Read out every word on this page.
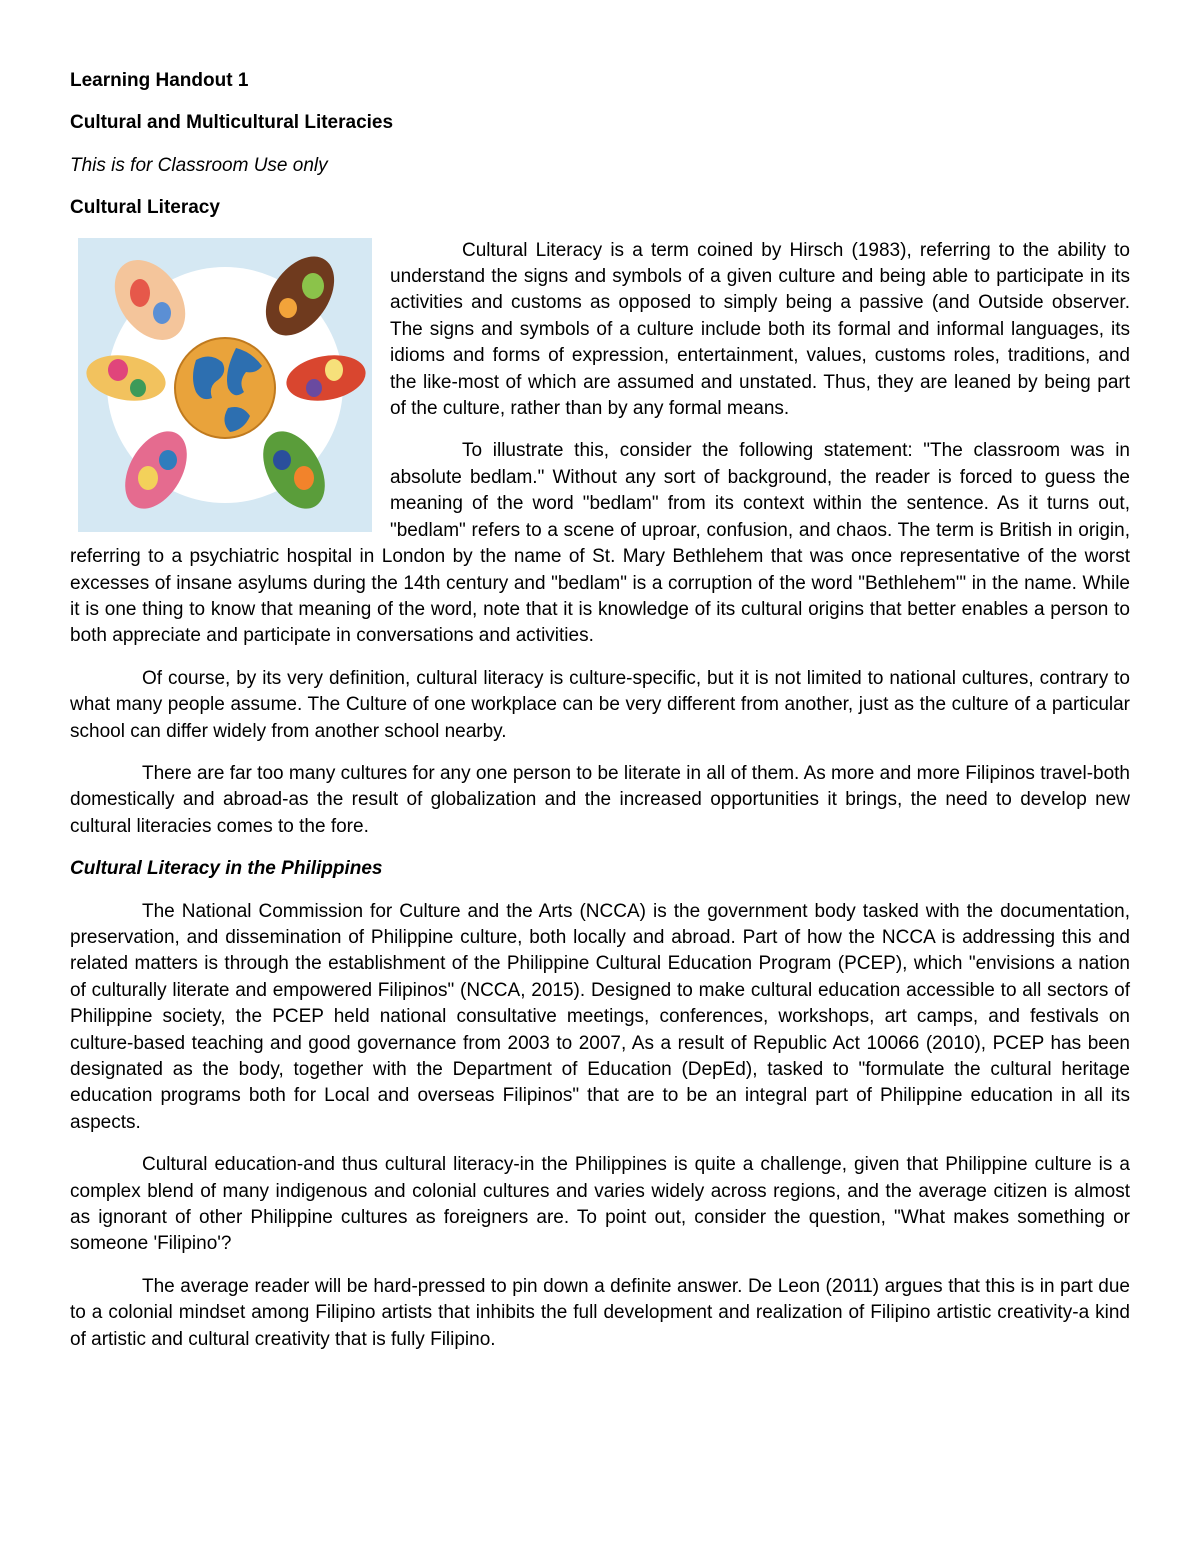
Learning Handout 1

Cultural and Multicultural Literacies

This is for Classroom Use only

Cultural Literacy

Cultural Literacy is a term coined by Hirsch (1983), referring to the ability to understand the signs and symbols of a given culture and being able to participate in its activities and customs as opposed to simply being a passive (and Outside observer. The signs and symbols of a culture include both its formal and informal languages, its idioms and forms of expression, entertainment, values, customs roles, traditions, and the like-most of which are assumed and unstated. Thus, they are leaned by being part of the culture, rather than by any formal means.

To illustrate this, consider the following statement: "The classroom was in absolute bedlam." Without any sort of background, the reader is forced to guess the meaning of the word "bedlam" from its context within the sentence. As it turns out, "bedlam" refers to a scene of uproar, confusion, and chaos. The term is British in origin, referring to a psychiatric hospital in London by the name of St. Mary Bethlehem that was once representative of the worst excesses of insane asylums during the 14th century and "bedlam" is a corruption of the word "Bethlehem'" in the name. While it is one thing to know that meaning of the word, note that it is knowledge of its cultural origins that better enables a person to both appreciate and participate in conversations and activities.

Of course, by its very definition, cultural literacy is culture-specific, but it is not limited to national cultures, contrary to what many people assume. The Culture of one workplace can be very different from another, just as the culture of a particular school can differ widely from another school nearby.

There are far too many cultures for any one person to be literate in all of them. As more and more Filipinos travel-both domestically and abroad-as the result of globalization and the increased opportunities it brings, the need to develop new cultural literacies comes to the fore.

Cultural Literacy in the Philippines

The National Commission for Culture and the Arts (NCCA) is the government body tasked with the documentation, preservation, and dissemination of Philippine culture, both locally and abroad. Part of how the NCCA is addressing this and related matters is through the establishment of the Philippine Cultural Education Program (PCEP), which "envisions a nation of culturally literate and empowered Filipinos" (NCCA, 2015). Designed to make cultural education accessible to all sectors of Philippine society, the PCEP held national consultative meetings, conferences, workshops, art camps, and festivals on culture-based teaching and good governance from 2003 to 2007, As a result of Republic Act 10066 (2010), PCEP has been designated as the body, together with the Department of Education (DepEd), tasked to "formulate the cultural heritage education programs both for Local and overseas Filipinos" that are to be an integral part of Philippine education in all its aspects.

Cultural education-and thus cultural literacy-in the Philippines is quite a challenge, given that Philippine culture is a complex blend of many indigenous and colonial cultures and varies widely across regions, and the average citizen is almost as ignorant of other Philippine cultures as foreigners are. To point out, consider the question, "What makes something or someone 'Filipino'?

The average reader will be hard-pressed to pin down a definite answer. De Leon (2011) argues that this is in part due to a colonial mindset among Filipino artists that inhibits the full development and realization of Filipino artistic creativity-a kind of artistic and cultural creativity that is fully Filipino.
